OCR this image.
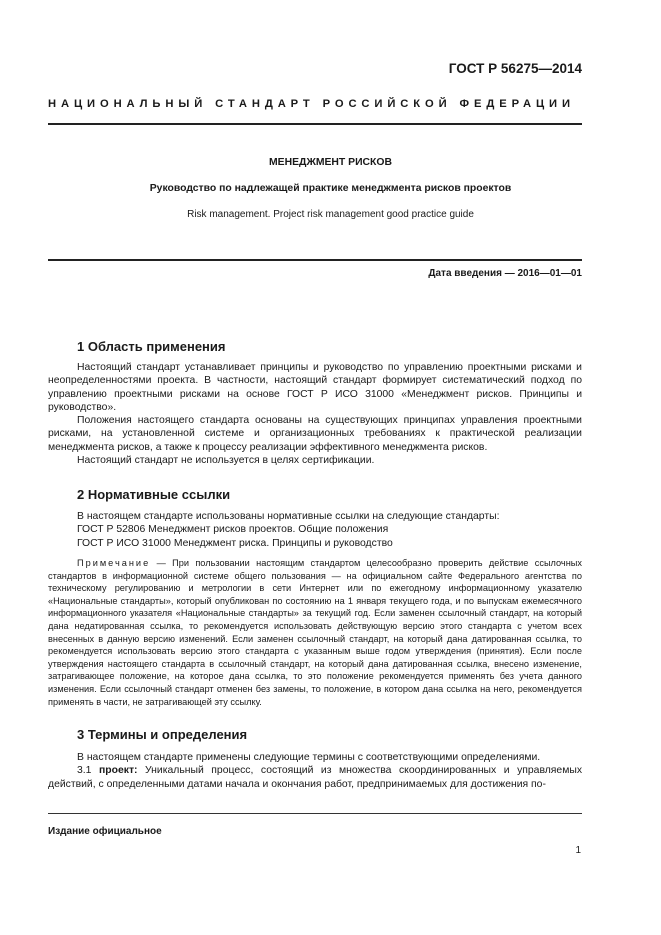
ГОСТ Р 56275—2014
НАЦИОНАЛЬНЫЙ СТАНДАРТ РОССИЙСКОЙ ФЕДЕРАЦИИ
МЕНЕДЖМЕНТ РИСКОВ
Руководство по надлежащей практике менеджмента рисков проектов
Risk management. Project risk management good practice guide
Дата введения — 2016—01—01
1 Область применения

Настоящий стандарт устанавливает принципы и руководство по управлению проектными рисками и неопределенностями проекта. В частности, настоящий стандарт формирует систематический подход по управлению проектными рисками на основе ГОСТ Р ИСО 31000 «Менеджмент рисков. Принципы и руководство».

Положения настоящего стандарта основаны на существующих принципах управления проектными рисками, на установленной системе и организационных требованиях к практической реализации менеджмента рисков, а также к процессу реализации эффективного менеджмента рисков.

Настоящий стандарт не используется в целях сертификации.

2 Нормативные ссылки
В настоящем стандарте использованы нормативные ссылки на следующие стандарты:
ГОСТ Р 52806 Менеджмент рисков проектов. Общие положения
ГОСТ Р ИСО 31000 Менеджмент риска. Принципы и руководство

Примечание — При пользовании настоящим стандартом целесообразно проверить действие ссылочных стандартов в информационной системе общего пользования — на официальном сайте Федерального агентства по техническому регулированию и метрологии в сети Интернет или по ежегодному информационному указателю «Национальные стандарты», который опубликован по состоянию на 1 января текущего года, и по выпускам ежемесячного информационного указателя «Национальные стандарты» за текущий год. Если заменен ссылочный стандарт, на который дана недатированная ссылка, то рекомендуется использовать действующую версию этого стандарта с учетом всех внесенных в данную версию изменений. Если заменен ссылочный стандарт, на который дана датированная ссылка, то рекомендуется использовать версию этого стандарта с указанным выше годом утверждения (принятия). Если после утверждения настоящего стандарта в ссылочный стандарт, на который дана датированная ссылка, внесено изменение, затрагивающее положение, на которое дана ссылка, то это положение рекомендуется применять без учета данного изменения. Если ссылочный стандарт отменен без замены, то положение, в котором дана ссылка на него, рекомендуется применять в части, не затрагивающей эту ссылку.

3 Термины и определения

В настоящем стандарте применены следующие термины с соответствующими определениями.

3.1 проект: Уникальный процесс, состоящий из множества скоординированных и управляемых действий, с определенными датами начала и окончания работ, предпринимаемых для достижения по-

Издание официальное
1
